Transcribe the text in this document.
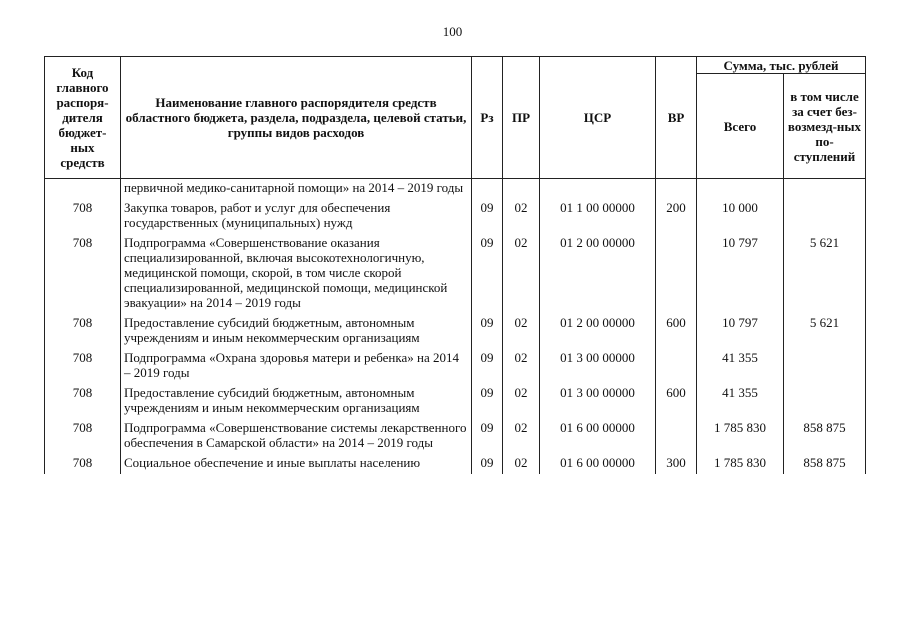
100
Код главного распоря-дителя бюджет-ных средств	Наименование главного распорядителя средств областного бюджета, раздела, подраздела, целевой статьи, группы видов расходов	Рз	ПР	ЦСР	ВР	Сумма, тыс. рублей	
						Всего	в том числе за счет без-возмезд-ных по-ступлений
	первичной медико-санитарной помощи» на 2014 – 2019 годы						
708	Закупка товаров, работ и услуг для обеспечения государственных (муниципальных) нужд	09	02	01 1 00 00000	200	10 000	
708	Подпрограмма «Совершенствование оказания специализированной, включая высокотехнологичную, медицинской помощи, скорой, в том числе скорой специализированной, медицинской помощи, медицинской эвакуации» на 2014 – 2019 годы	09	02	01 2 00 00000		10 797	5 621
708	Предоставление субсидий бюджетным, автономным учреждениям и иным некоммерческим организациям	09	02	01 2 00 00000	600	10 797	5 621
708	Подпрограмма «Охрана здоровья матери и ребенка» на 2014 – 2019 годы	09	02	01 3 00 00000		41 355	
708	Предоставление субсидий бюджетным, автономным учреждениям и иным некоммерческим организациям	09	02	01 3 00 00000	600	41 355	
708	Подпрограмма «Совершенствование системы лекарственного обеспечения в Самарской области» на 2014 – 2019 годы	09	02	01 6 00 00000		1 785 830	858 875
708	Социальное обеспечение и иные выплаты населению	09	02	01 6 00 00000	300	1 785 830	858 875
